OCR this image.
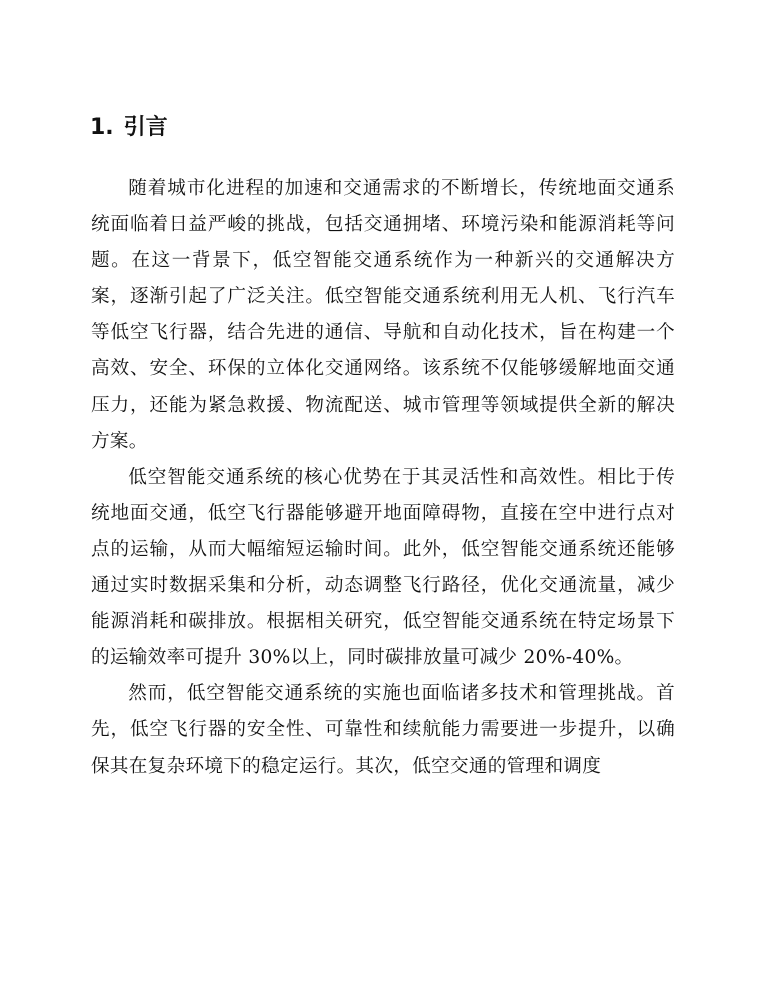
1. 引言

随着城市化进程的加速和交通需求的不断增长，传统地面交通系统面临着日益严峻的挑战，包括交通拥堵、环境污染和能源消耗等问题。在这一背景下，低空智能交通系统作为一种新兴的交通解决方案，逐渐引起了广泛关注。低空智能交通系统利用无人机、飞行汽车等低空飞行器，结合先进的通信、导航和自动化技术，旨在构建一个高效、安全、环保的立体化交通网络。该系统不仅能够缓解地面交通压力，还能为紧急救援、物流配送、城市管理等领域提供全新的解决方案。

低空智能交通系统的核心优势在于其灵活性和高效性。相比于传统地面交通，低空飞行器能够避开地面障碍物，直接在空中进行点对点的运输，从而大幅缩短运输时间。此外，低空智能交通系统还能够通过实时数据采集和分析，动态调整飞行路径，优化交通流量，减少能源消耗和碳排放。根据相关研究，低空智能交通系统在特定场景下的运输效率可提升 30%以上，同时碳排放量可减少 20%-40%。

然而，低空智能交通系统的实施也面临诸多技术和管理挑战。首先，低空飞行器的安全性、可靠性和续航能力需要进一步提升，以确保其在复杂环境下的稳定运行。其次，低空交通的管理和调度
